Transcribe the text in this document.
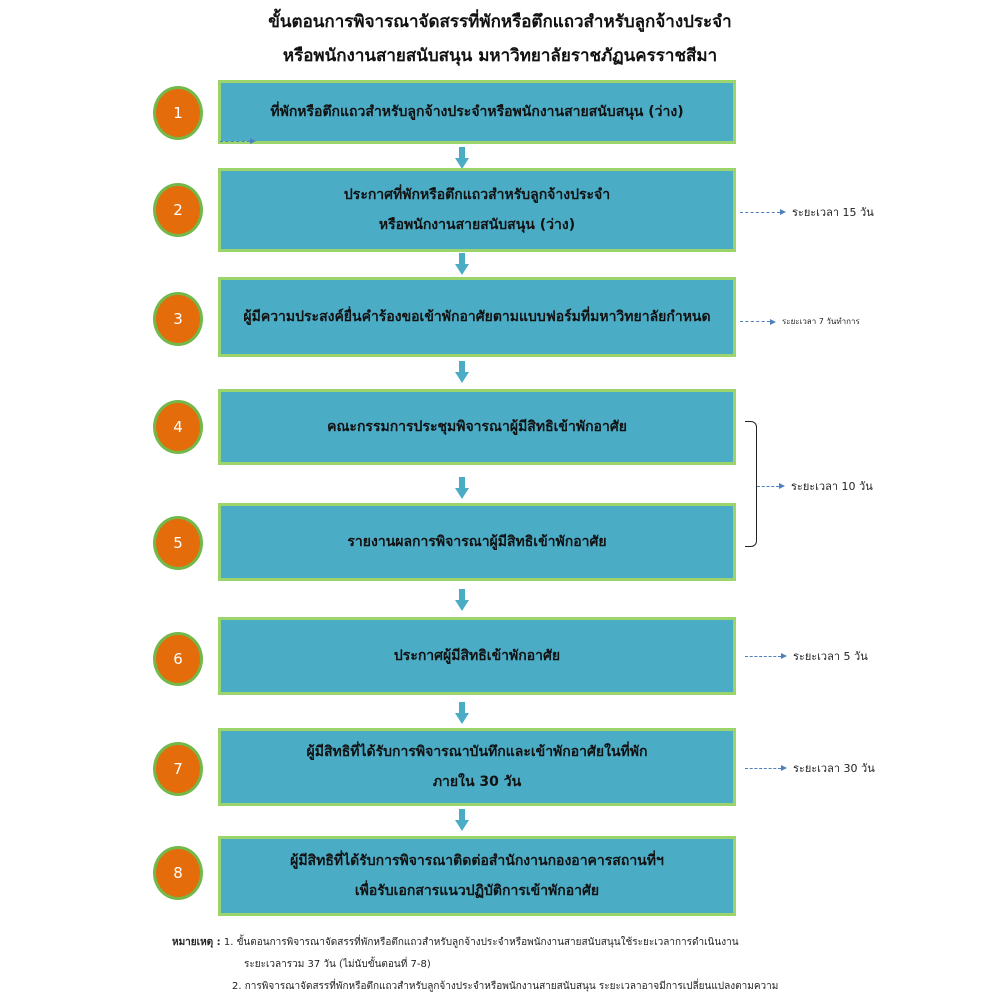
ขั้นตอนการพิจารณาจัดสรรที่พักหรือตึกแถวสำหรับลูกจ้างประจำ
หรือพนักงานสายสนับสนุน มหาวิทยาลัยราชภัฏนครราชสีมา
1	ที่พักหรือตึกแถวสำหรับลูกจ้างประจำหรือพนักงานสายสนับสนุน (ว่าง)
2
ประกาศที่พักหรือตึกแถวสำหรับลูกจ้างประจำ
หรือพนักงานสายสนับสนุน (ว่าง)
ระยะเวลา 15 วัน
3	ผู้มีความประสงค์ยื่นคำร้องขอเข้าพักอาศัยตามแบบฟอร์มที่มหาวิทยาลัยกำหนด	ระยะเวลา 7 วันทำการ
4	คณะกรรมการประชุมพิจารณาผู้มีสิทธิเข้าพักอาศัย
5	รายงานผลการพิจารณาผู้มีสิทธิเข้าพักอาศัย
ระยะเวลา 10 วัน
6	ประกาศผู้มีสิทธิเข้าพักอาศัย	ระยะเวลา 5 วัน
7
ผู้มีสิทธิที่ได้รับการพิจารณาบันทึกและเข้าพักอาศัยในที่พัก
ภายใน 30 วัน
ระยะเวลา 30 วัน
8
ผู้มีสิทธิที่ได้รับการพิจารณาติดต่อสำนักงานกองอาคารสถานที่ฯ
เพื่อรับเอกสารแนวปฏิบัติการเข้าพักอาศัย
หมายเหตุ : 1. ขั้นตอนการพิจารณาจัดสรรที่พักหรือตึกแถวสำหรับลูกจ้างประจำหรือพนักงานสายสนับสนุนใช้ระยะเวลาการดำเนินงาน
ระยะเวลารวม 37 วัน (ไม่นับขั้นตอนที่ 7-8)
2. การพิจารณาจัดสรรที่พักหรือตึกแถวสำหรับลูกจ้างประจำหรือพนักงานสายสนับสนุน ระยะเวลาอาจมีการเปลี่ยนแปลงตามความ
